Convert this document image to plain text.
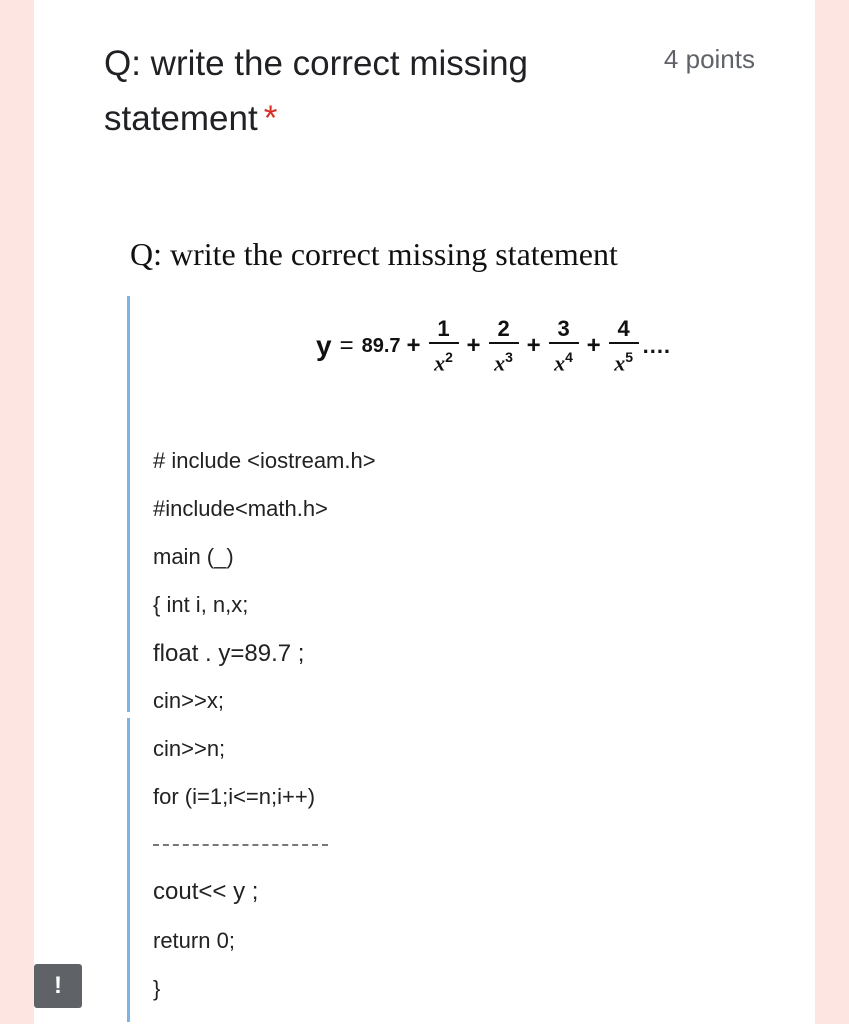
Q: write the correct missing statement *
4 points
Q: write the correct missing statement
$y = 89.7 + \frac{1}{x^2} + \frac{2}{x^3} + \frac{3}{x^4} + \frac{4}{x^5}$ ....
# include <iostream.h>
#include<math.h>
main (_)
{ int i, n,x;
float . y=89.7 ;
cin>>x;
cin>>n;
for (i=1;i<=n;i++)
cout<< y ;
return 0;
}
!
